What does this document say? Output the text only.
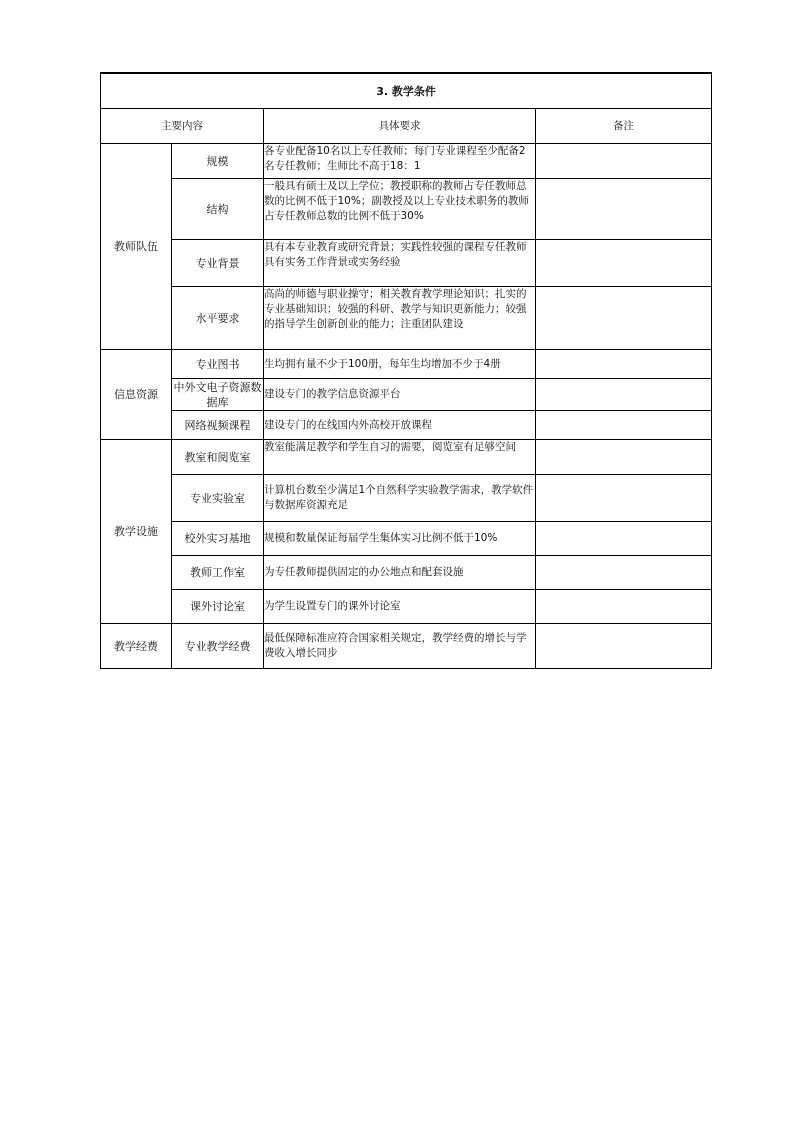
3. 教学条件			
主要内容		具体要求	备注
教师队伍	规模	各专业配备10名以上专任教师；每门专业课程至少配备2名专任教师；生师比不高于18：1	
	结构	一般具有硕士及以上学位；教授职称的教师占专任教师总数的比例不低于10%；副教授及以上专业技术职务的教师占专任教师总数的比例不低于30%	
	专业背景	具有本专业教育或研究背景；实践性较强的课程专任教师具有实务工作背景或实务经验	
	水平要求	高尚的师德与职业操守；相关教育教学理论知识；扎实的专业基础知识；较强的科研、教学与知识更新能力；较强的指导学生创新创业的能力；注重团队建设	
信息资源	专业图书	生均拥有量不少于100册，每年生均增加不少于4册	
	中外文电子资源数据库	建设专门的教学信息资源平台	
	网络视频课程	建设专门的在线国内外高校开放课程	
教学设施	教室和阅览室	教室能满足教学和学生自习的需要，阅览室有足够空间	
	专业实验室	计算机台数至少满足1个自然科学实验教学需求，教学软件与数据库资源充足	
	校外实习基地	规模和数量保证每届学生集体实习比例不低于10%	
	教师工作室	为专任教师提供固定的办公地点和配套设施	
	课外讨论室	为学生设置专门的课外讨论室	
教学经费	专业教学经费	最低保障标准应符合国家相关规定，教学经费的增长与学费收入增长同步	
